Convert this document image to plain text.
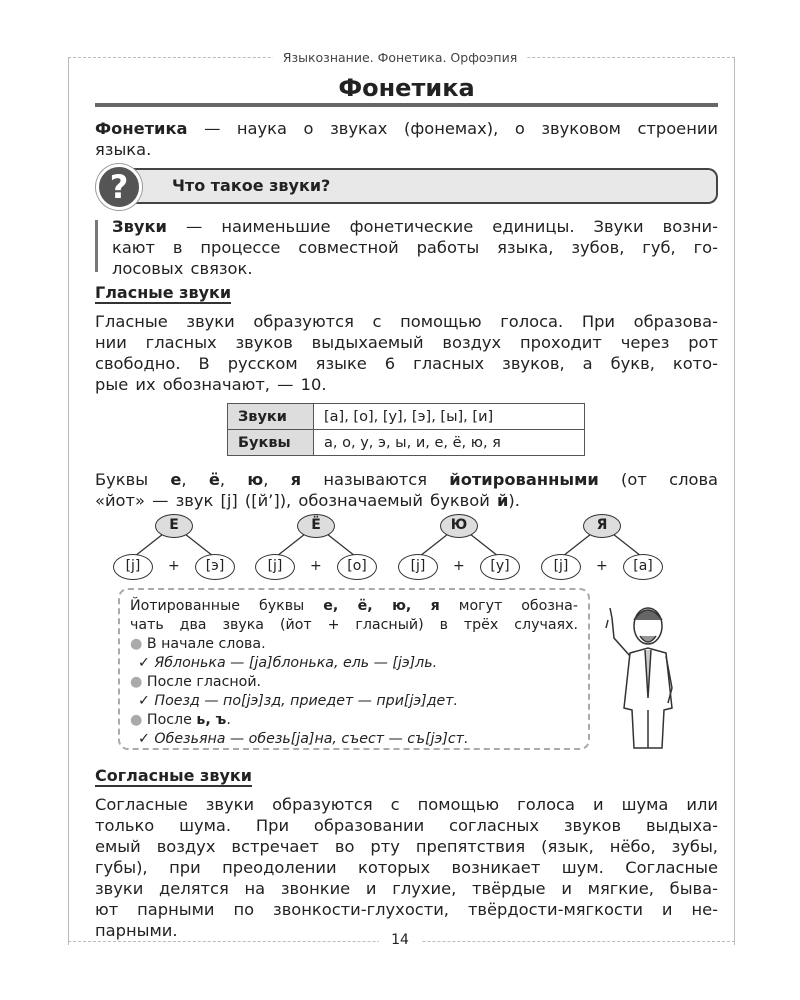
Языкознание. Фонетика. Орфоэпия
Фонетика
Фонетика — наука о звуках (фонемах), о звуковом строении
языка.
?	Что такое звуки?
Звуки — наименьшие фонетические единицы. Звуки возни-
кают в процессе совместной работы языка, зубов, губ, го-
лосовых связок.
Гласные звуки
Гласные звуки образуются с помощью голоса. При образова-
нии гласных звуков выдыхаемый воздух проходит через рот
свободно. В русском языке 6 гласных звуков, а букв, кото-
рые их обозначают, — 10.
Звуки	[а], [о], [у], [э], [ы], [и]
Буквы	а, о, у, э, ы, и, е, ё, ю, я
Буквы е, ё, ю, я называются йотированными (от слова
«йот» — звук [j] ([й’]), обозначаемый буквой й).
Е
[j]	+	[э]
Ё
[j]	+	[о]
Ю
[j]	+	[у]
Я
[j]	+	[а]
Йотированные буквы е, ё, ю, я могут обозна-
чать два звука (йот + гласный) в трёх случаях.
● В начале слова.
✓ Яблонька — [ja]блонька, ель — [jэ]ль.
● После гласной.
✓ Поезд — по[jэ]зд, приедет — при[jэ]дет.
● После ь, ъ.
✓ Обезьяна — обезь[ja]на, съест — съ[jэ]ст.
Согласные звуки
Согласные звуки образуются с помощью голоса и шума или
только шума. При образовании согласных звуков выдыха-
емый воздух встречает во рту препятствия (язык, нёбо, зубы,
губы), при преодолении которых возникает шум. Согласные
звуки делятся на звонкие и глухие, твёрдые и мягкие, быва-
ют парными по звонкости-глухости, твёрдости-мягкости и не-
парными.	14
